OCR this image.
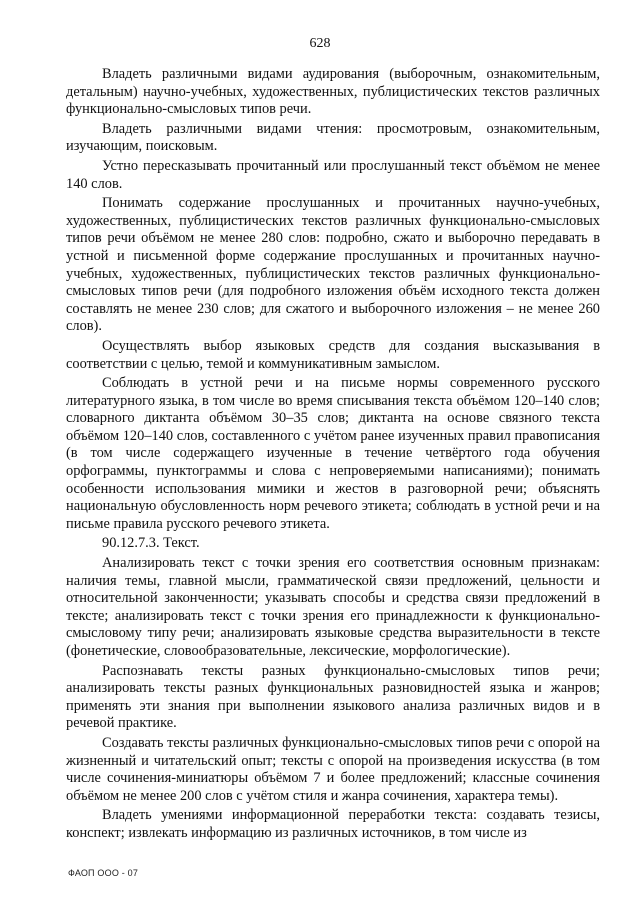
628

Владеть различными видами аудирования (выборочным, ознакомительным, детальным) научно-учебных, художественных, публицистических текстов различных функционально-смысловых типов речи.

Владеть различными видами чтения: просмотровым, ознакомительным, изучающим, поисковым.

Устно пересказывать прочитанный или прослушанный текст объёмом не менее 140 слов.

Понимать содержание прослушанных и прочитанных научно-учебных, художественных, публицистических текстов различных функционально-смысловых типов речи объёмом не менее 280 слов: подробно, сжато и выборочно передавать в устной и письменной форме содержание прослушанных и прочитанных научно-учебных, художественных, публицистических текстов различных функционально-смысловых типов речи (для подробного изложения объём исходного текста должен составлять не менее 230 слов; для сжатого и выборочного изложения – не менее 260 слов).

Осуществлять выбор языковых средств для создания высказывания в соответствии с целью, темой и коммуникативным замыслом.

Соблюдать в устной речи и на письме нормы современного русского литературного языка, в том числе во время списывания текста объёмом 120–140 слов; словарного диктанта объёмом 30–35 слов; диктанта на основе связного текста объёмом 120–140 слов, составленного с учётом ранее изученных правил правописания (в том числе содержащего изученные в течение четвёртого года обучения орфограммы, пунктограммы и слова с непроверяемыми написаниями); понимать особенности использования мимики и жестов в разговорной речи; объяснять национальную обусловленность норм речевого этикета; соблюдать в устной речи и на письме правила русского речевого этикета.

90.12.7.3. Текст.

Анализировать текст с точки зрения его соответствия основным признакам: наличия темы, главной мысли, грамматической связи предложений, цельности и относительной законченности; указывать способы и средства связи предложений в тексте; анализировать текст с точки зрения его принадлежности к функционально-смысловому типу речи; анализировать языковые средства выразительности в тексте (фонетические, словообразовательные, лексические, морфологические).

Распознавать тексты разных функционально-смысловых типов речи; анализировать тексты разных функциональных разновидностей языка и жанров; применять эти знания при выполнении языкового анализа различных видов и в речевой практике.

Создавать тексты различных функционально-смысловых типов речи с опорой на жизненный и читательский опыт; тексты с опорой на произведения искусства (в том числе сочинения-миниатюры объёмом 7 и более предложений; классные сочинения объёмом не менее 200 слов с учётом стиля и жанра сочинения, характера темы).

Владеть умениями информационной переработки текста: создавать тезисы, конспект; извлекать информацию из различных источников, в том числе из

ФАОП ООО - 07
